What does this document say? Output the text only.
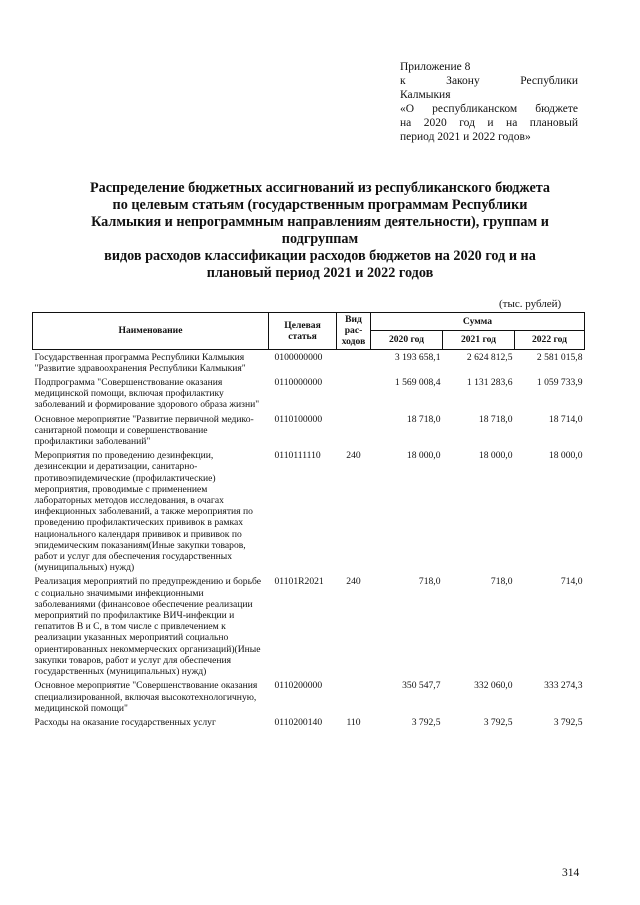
Приложение 8
к Закону Республики
Калмыкия
«О республиканском бюджете
на 2020 год и на плановый
период 2021 и 2022 годов»
Распределение бюджетных ассигнований из республиканского бюджета
по целевым статьям (государственным программам Республики
Калмыкия и непрограммным направлениям деятельности), группам и
подгруппам
видов расходов классификации расходов бюджетов на 2020 год и на
плановый период 2021 и 2022 годов
(тыс. рублей)
Наименование	Целевая статья	Вид рас-ходов	Сумма		
			2020 год	2021 год	2022 год
Государственная программа Республики Калмыкия "Развитие здравоохранения Республики Калмыкия"	0100000000		3 193 658,1	2 624 812,5	2 581 015,8
Подпрограмма "Совершенствование оказания медицинской помощи, включая профилактику заболеваний и формирование здорового образа жизни"	0110000000		1 569 008,4	1 131 283,6	1 059 733,9
Основное мероприятие "Развитие первичной медико-санитарной помощи и совершенствование профилактики заболеваний"	0110100000		18 718,0	18 718,0	18 714,0
Мероприятия по проведению дезинфекции, дезинсекции и дератизации, санитарно-противоэпидемические (профилактические) мероприятия, проводимые с применением лабораторных методов исследования, в очагах инфекционных заболеваний, а также мероприятия по проведению профилактических прививок в рамках национального календаря прививок и прививок по эпидемическим показаниям(Иные закупки товаров, работ и услуг для обеспечения государственных (муниципальных) нужд)	0110111110	240	18 000,0	18 000,0	18 000,0
Реализация мероприятий по предупреждению и борьбе с социально значимыми инфекционными заболеваниями (финансовое обеспечение реализации мероприятий по профилактике ВИЧ-инфекции и гепатитов B и C, в том числе с привлечением к реализации указанных мероприятий социально ориентированных некоммерческих организаций)(Иные закупки товаров, работ и услуг для обеспечения государственных (муниципальных) нужд)	01101R2021	240	718,0	718,0	714,0
Основное мероприятие "Совершенствование оказания специализированной, включая высокотехнологичную, медицинской помощи"	0110200000		350 547,7	332 060,0	333 274,3
Расходы на оказание государственных услуг	0110200140	110	3 792,5	3 792,5	3 792,5
314
